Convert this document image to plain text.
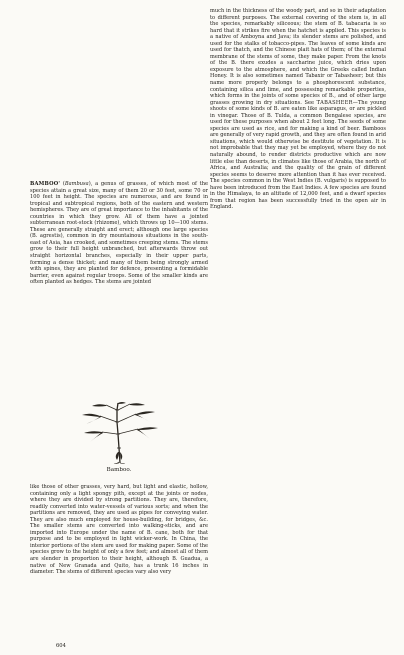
BAMBOO' (Bambusa), a genus of grasses, of which most of the species attain a great size, many of them 20 or 30 feet, some 70 or 100 feet in height. The species are numerous, and are found in tropical and subtropical regions, both of the eastern and western hemispheres. They are of great importance to the inhabitants of the countries in which they grow. All of them have a jointed subterranean root-stock (rhizome), which throws up 10—100 stems. These are generally straight and erect; although one large species (B. agrestis), common in dry mountainous situations in the south-east of Asia, has crooked, and sometimes creeping stems. The stems grow to their full height unbranched, but afterwards throw out straight horizontal branches, especially in their upper parts, forming a dense thicket; and many of them being strongly armed with spines, they are planted for defence, presenting a formidable barrier, even against regular troops. Some of the smaller kinds are often planted as hedges. The stems are jointed

Bamboo.

like those of other grasses, very hard, but light and elastic, hollow, containing only a light spongy pith, except at the joints or nodes, where they are divided by strong partitions. They are, therefore, readily converted into water-vessels of various sorts; and when the partitions are removed, they are used as pipes for conveying water. They are also much employed for house-building, for bridges, &c. The smaller stems are converted into walking-sticks, and are imported into Europe under the name of B. cane, both for that purpose and to be employed in light wicker-work. In China, the interior portions of the stem are used for making paper. Some of the species grow to the height of only a few feet; and almost all of them are slender in proportion to their height, although B. Guadua, a native of New Granada and Quito, has a trunk 16 inches in diameter. The stems of different species vary also very

much in the thickness of the woody part, and so in their adaptation to different purposes. The external covering of the stem is, in all the species, remarkably siliceous; the stem of B. tabacaria is so hard that it strikes fire when the hatchet is applied. This species is a native of Amboyna and Java; its slender stems are polished, and used for the stalks of tobacco-pipes. The leaves of some kinds are used for thatch, and the Chinese plait hats of them; of the external membrane of the stems of some, they make paper. From the knots of the B. there exudes a saccharine juice, which dries upon exposure to the atmosphere, and which the Greeks called Indian Honey. It is also sometimes named Tabaxir or Tabasheer; but this name more properly belongs to a phosphorescent substance, containing silica and lime, and possessing remarkable properties, which forms in the joints of some species of B., and of other large grasses growing in dry situations. See TABASHEER—The young shoots of some kinds of B. are eaten like asparagus, or are pickled in vinegar. Those of B. Tulda, a common Bengalese species, are used for these purposes when about 2 feet long. The seeds of some species are used as rice, and for making a kind of beer. Bamboos are generally of very rapid growth, and they are often found in arid situations, which would otherwise be destitute of vegetation. It is not improbable that they may yet be employed, where they do not naturally abound, to render districts productive which are now little else than deserts, in climates like those of Arabia, the north of Africa, and Australia; and the quality of the grain of different species seems to deserve more attention than it has ever received. The species common in the West Indies (B. vulgaris) is supposed to have been introduced from the East Indies. A few species are found in the Himalaya, to an altitude of 12,000 feet, and a dwarf species from that region has been successfully tried in the open air in England.

604
